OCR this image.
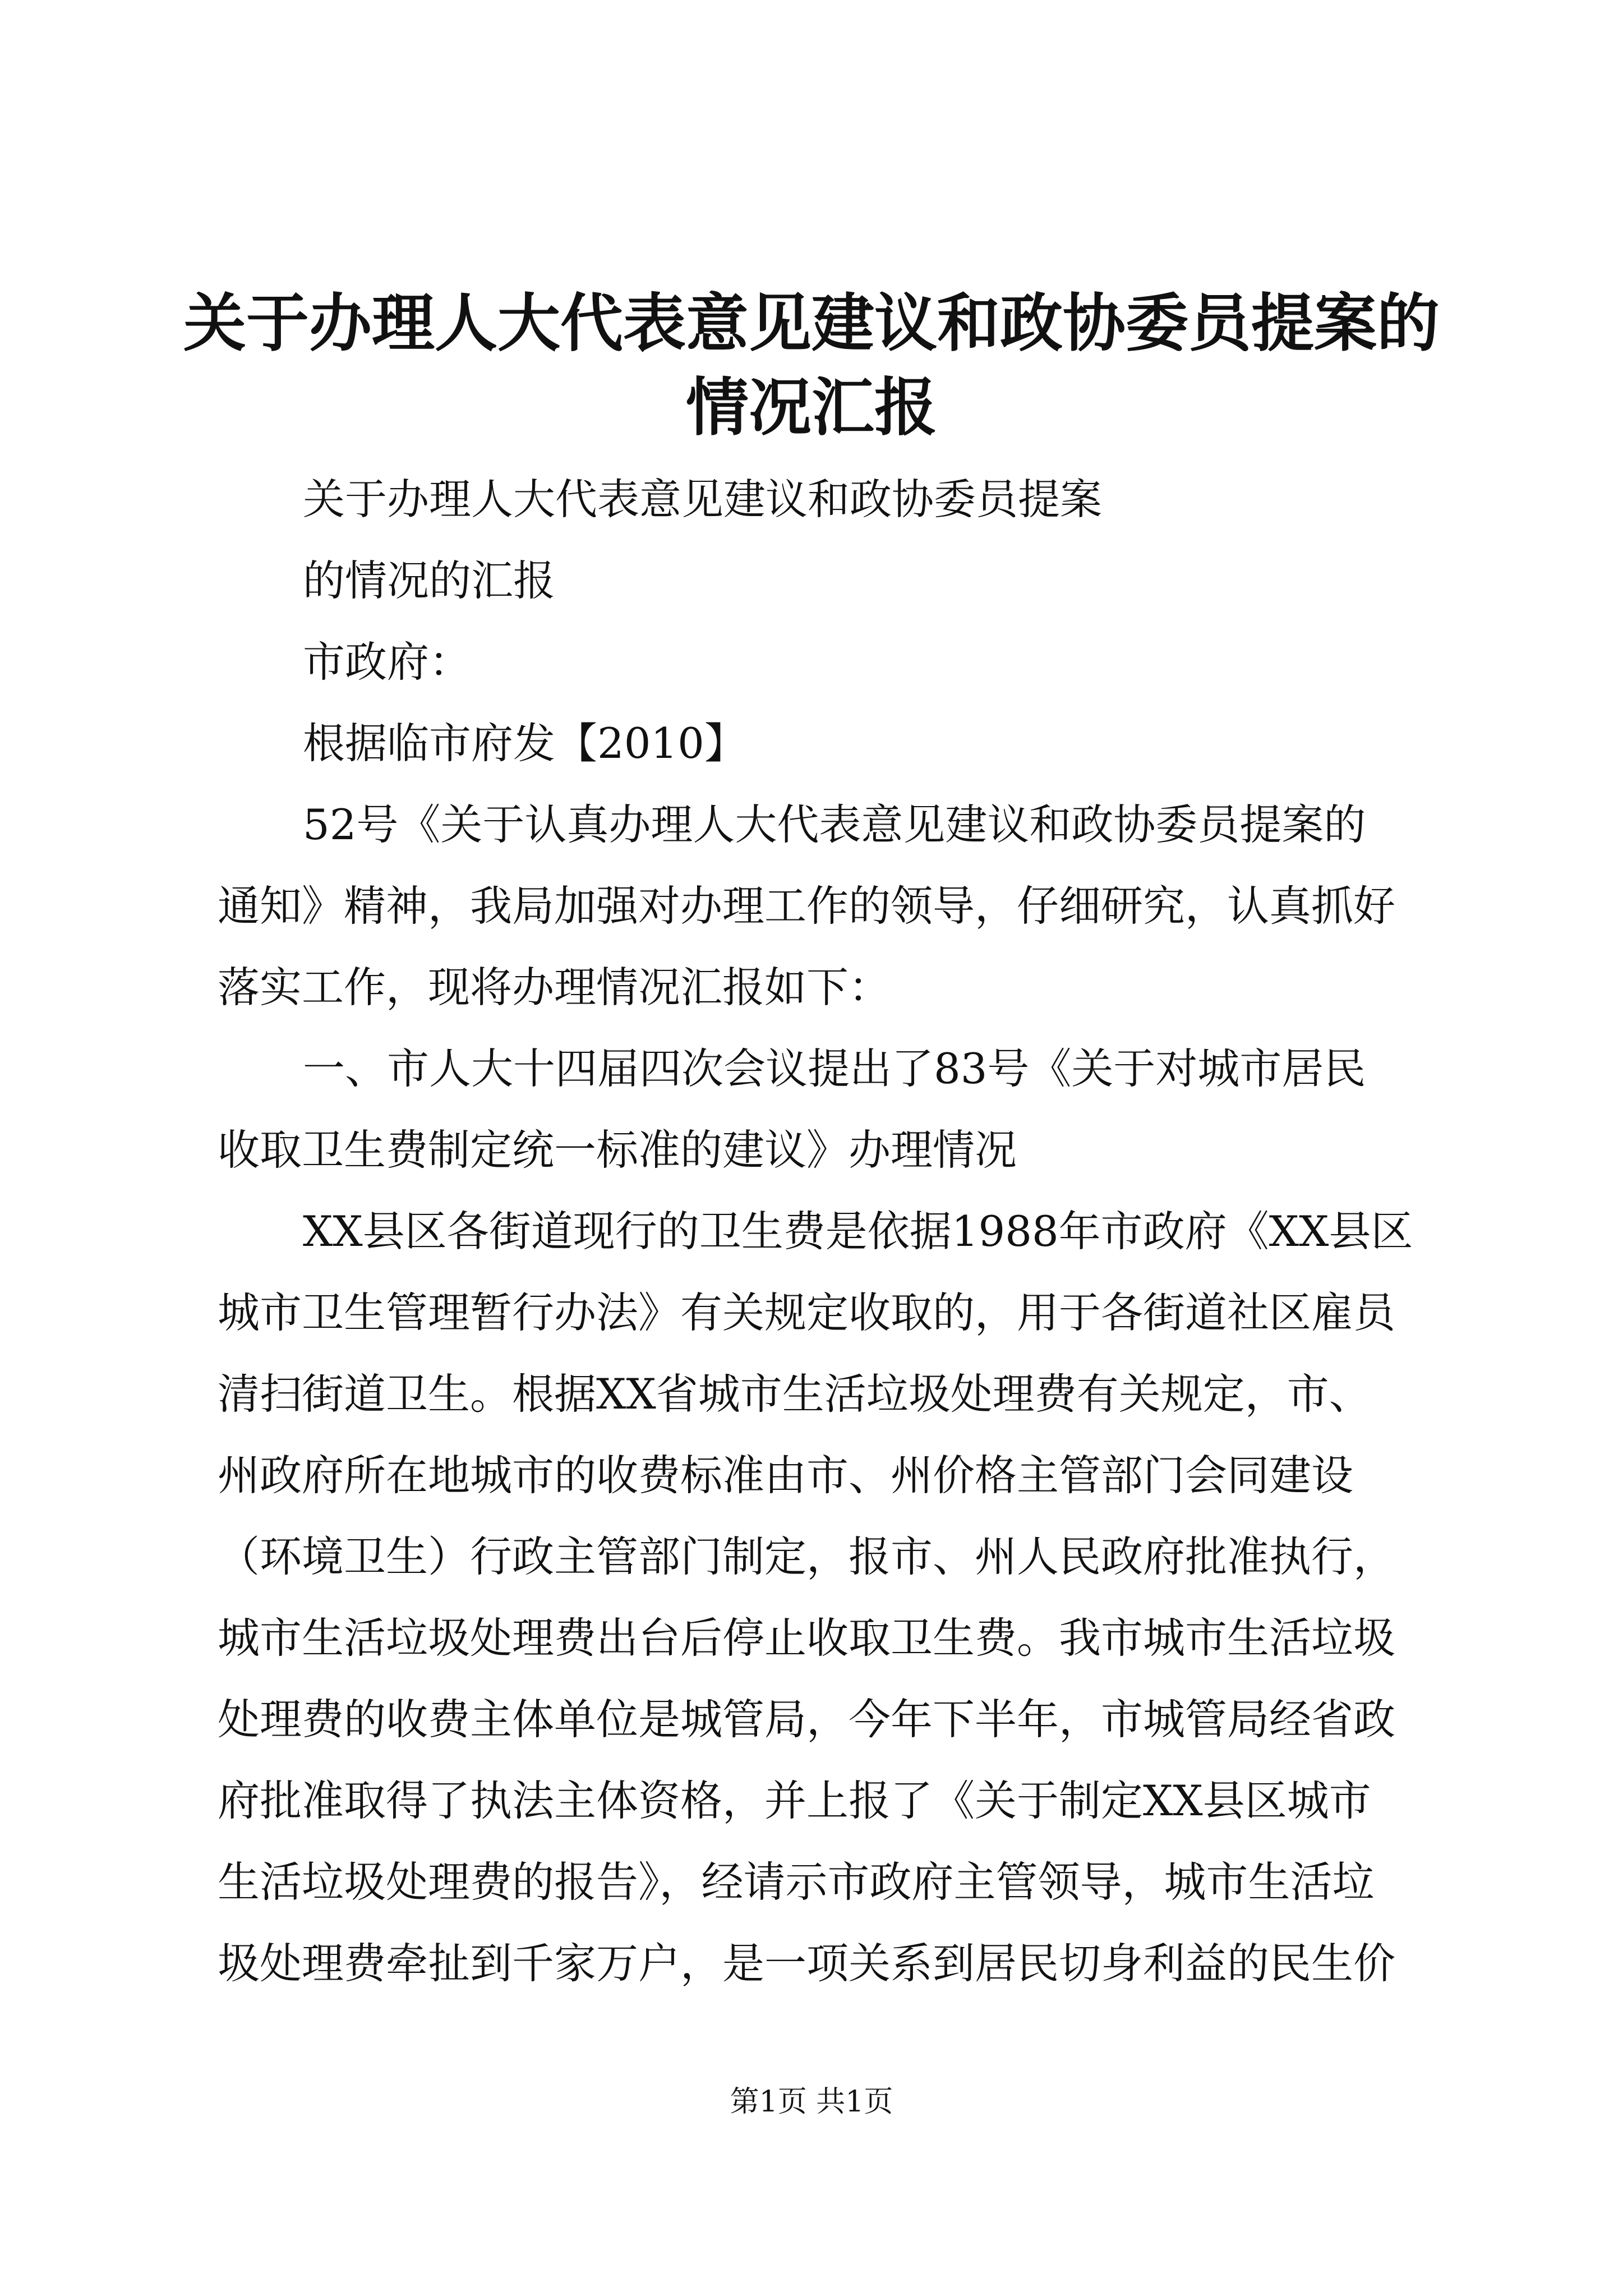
关于办理人大代表意见建议和政协委员提案的
情况汇报
关于办理人大代表意见建议和政协委员提案
的情况的汇报
市政府：
根据临市府发【2010】
52号《关于认真办理人大代表意见建议和政协委员提案的
通知》精神，我局加强对办理工作的领导，仔细研究，认真抓好
落实工作，现将办理情况汇报如下：
一、市人大十四届四次会议提出了83号《关于对城市居民
收取卫生费制定统一标准的建议》办理情况
XX县区各街道现行的卫生费是依据1988年市政府《XX县区
城市卫生管理暂行办法》有关规定收取的，用于各街道社区雇员
清扫街道卫生。根据XX省城市生活垃圾处理费有关规定，市、
州政府所在地城市的收费标准由市、州价格主管部门会同建设
（环境卫生）行政主管部门制定，报市、州人民政府批准执行，
城市生活垃圾处理费出台后停止收取卫生费。我市城市生活垃圾
处理费的收费主体单位是城管局，今年下半年，市城管局经省政
府批准取得了执法主体资格，并上报了《关于制定XX县区城市
生活垃圾处理费的报告》，经请示市政府主管领导，城市生活垃
圾处理费牵扯到千家万户，是一项关系到居民切身利益的民生价
第1页 共1页
